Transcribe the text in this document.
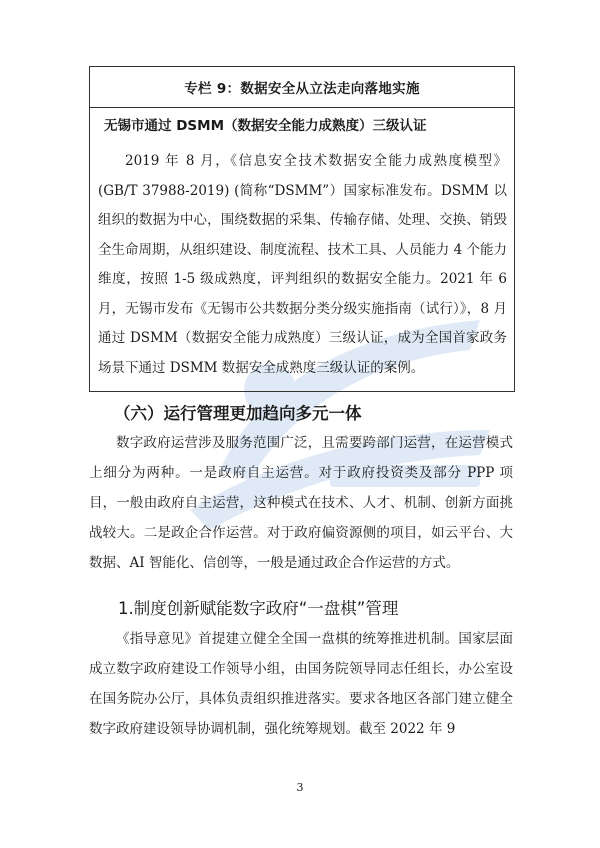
专栏 9：数据安全从立法走向落地实施
无锡市通过 DSMM（数据安全能力成熟度）三级认证
2019 年 8 月，《信息安全技术数据安全能力成熟度模型》(GB/T 37988-2019) (简称“DSMM”）国家标准发布。DSMM 以组织的数据为中心，围绕数据的采集、传输存储、处理、交换、销毁全生命周期，从组织建设、制度流程、技术工具、人员能力 4 个能力维度，按照 1-5 级成熟度，评判组织的数据安全能力。2021 年 6 月，无锡市发布《无锡市公共数据分类分级实施指南（试行）》，8 月通过 DSMM（数据安全能力成熟度）三级认证，成为全国首家政务场景下通过 DSMM 数据安全成熟度三级认证的案例。
（六）运行管理更加趋向多元一体
数字政府运营涉及服务范围广泛，且需要跨部门运营，在运营模式上细分为两种。一是政府自主运营。对于政府投资类及部分 PPP 项目，一般由政府自主运营，这种模式在技术、人才、机制、创新方面挑战较大。二是政企合作运营。对于政府偏资源侧的项目，如云平台、大数据、AI 智能化、信创等，一般是通过政企合作运营的方式。
1.制度创新赋能数字政府“一盘棋”管理
《指导意见》首提建立健全全国一盘棋的统筹推进机制。国家层面成立数字政府建设工作领导小组，由国务院领导同志任组长，办公室设在国务院办公厅，具体负责组织推进落实。要求各地区各部门建立健全数字政府建设领导协调机制，强化统筹规划。截至 2022 年 9
3
